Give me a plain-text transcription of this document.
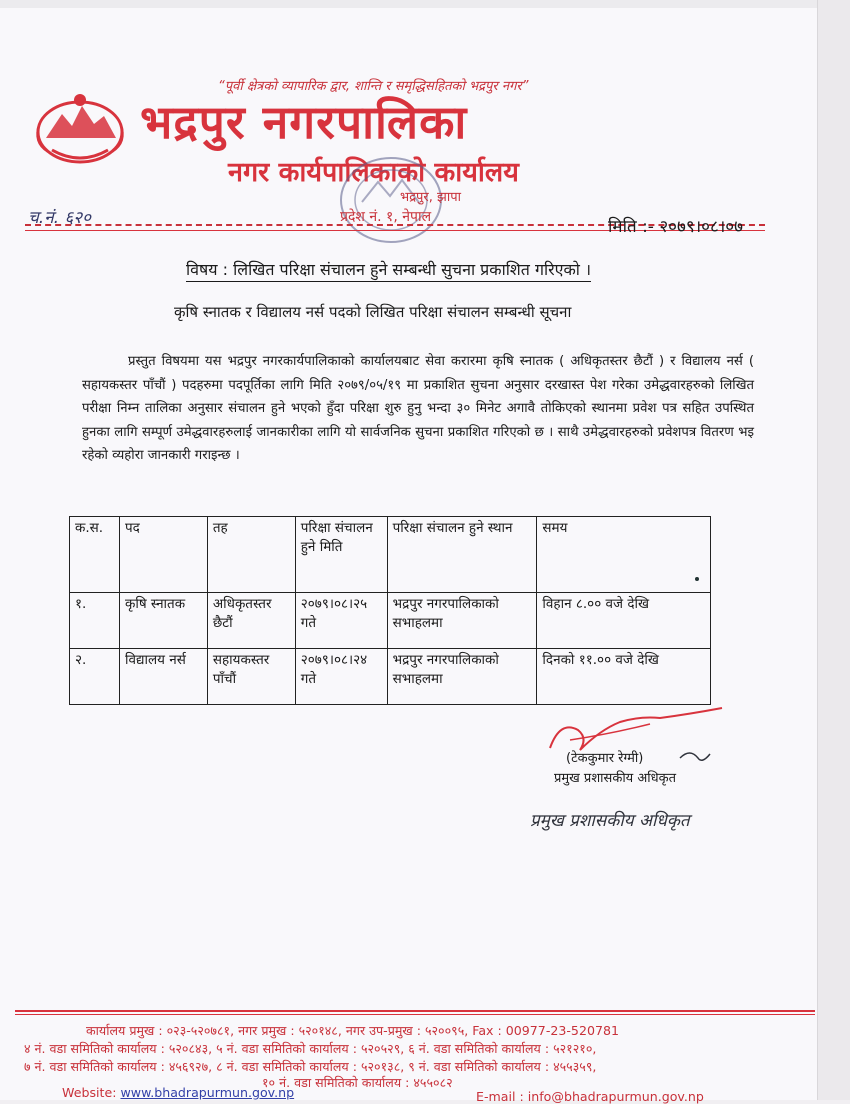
“पूर्वी क्षेत्रको व्यापारिक द्वार, शान्ति र समृद्धिसहितको भद्रपुर नगर”
भद्रपुर नगरपालिका
नगर कार्यपालिकाको कार्यालय
भद्रपुर, झापा
प्रदेश नं. १, नेपाल
च.नं. ६२०	मिति :- २०७९।०८।०७
विषय : लिखित परिक्षा संचालन हुने सम्बन्धी सुचना प्रकाशित गरिएको ।
कृषि स्नातक र विद्यालय नर्स पदको लिखित परिक्षा संचालन सम्बन्धी सूचना

प्रस्तुत विषयमा यस भद्रपुर नगरकार्यपालिकाको कार्यालयबाट सेवा करारमा कृषि स्नातक ( अधिकृतस्तर छैटौं ) र विद्यालय नर्स ( सहायकस्तर पाँचौं ) पदहरुमा पदपूर्तिका लागि मिति २०७९/०५/१९ मा प्रकाशित सुचना अनुसार दरखास्त पेश गरेका उमेद्धवारहरुको लिखित परीक्षा निम्न तालिका अनुसार संचालन हुने भएको हुँदा परिक्षा शुरु हुनु भन्दा ३० मिनेट अगावै तोकिएको स्थानमा प्रवेश पत्र सहित उपस्थित हुनका लागि सम्पूर्ण उमेद्धवारहरुलाई जानकारीका लागि यो सार्वजनिक सुचना प्रकाशित गरिएको छ । साथै उमेद्धवारहरुको प्रवेशपत्र वितरण भइ रहेको व्यहोरा जानकारी गराइन्छ ।

क.स.	पद	तह	परिक्षा संचालन हुने मिति	परिक्षा संचालन हुने स्थान	समय
१.	कृषि स्नातक	अधिकृतस्तर छैटौं	२०७९।०८।२५ गते	भद्रपुर नगरपालिकाको सभाहलमा	विहान ८.०० वजे देखि
२.	विद्यालय नर्स	सहायकस्तर पाँचौं	२०७९।०८।२४ गते	भद्रपुर नगरपालिकाको सभाहलमा	दिनको ११.०० वजे देखि
(टेककुमार रेग्मी)
प्रमुख प्रशासकीय अधिकृत
प्रमुख प्रशासकीय अधिकृत
कार्यालय प्रमुख : ०२३-५२०७८१, नगर प्रमुख : ५२०१४८, नगर उप-प्रमुख : ५२००९५, Fax : 00977-23-520781
४ नं. वडा समितिको कार्यालय : ५२०८४३, ५ नं. वडा समितिको कार्यालय : ५२०५२९, ६ नं. वडा समितिको कार्यालय : ५२१२१०,
७ नं. वडा समितिको कार्यालय : ४५६९२७, ८ नं. वडा समितिको कार्यालय : ५२०१३८, ९ नं. वडा समितिको कार्यालय : ४५५३५९,
१० नं. वडा समितिको कार्यालय : ४५५०८२
Website: www.bhadrapurmun.gov.np	E-mail : info@bhadrapurmun.gov.np
